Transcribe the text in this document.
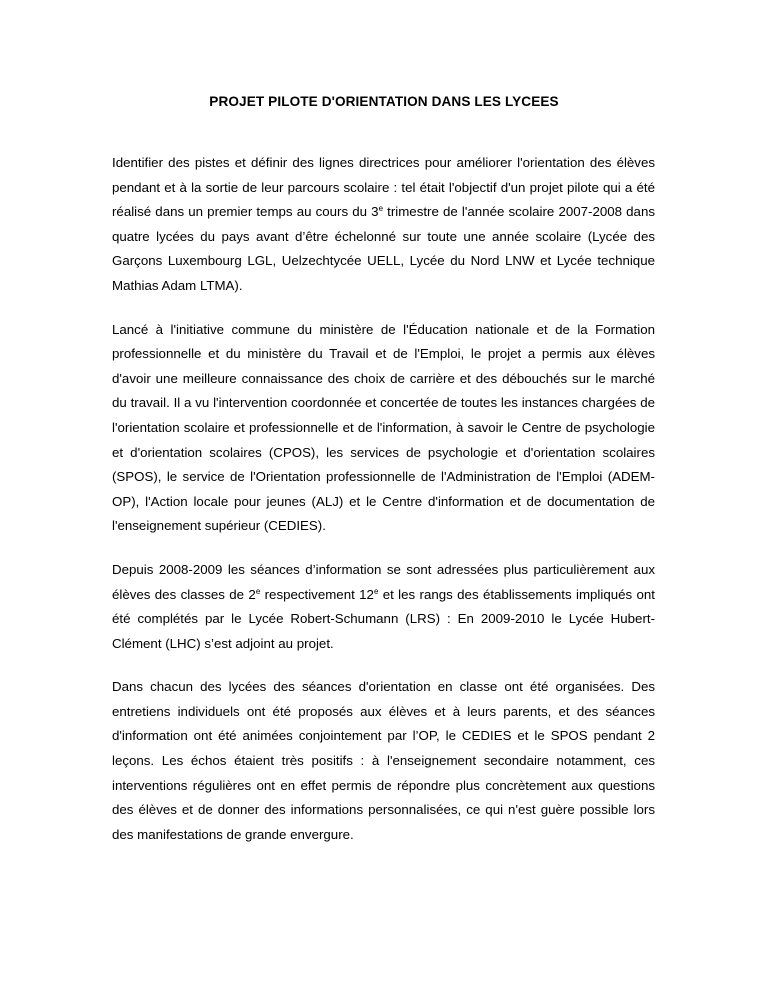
PROJET PILOTE D'ORIENTATION DANS LES LYCEES

Identifier des pistes et définir des lignes directrices pour améliorer l'orientation des élèves pendant et à la sortie de leur parcours scolaire : tel était l'objectif d'un projet pilote qui a été réalisé dans un premier temps au cours du 3e trimestre de l'année scolaire 2007-2008 dans quatre lycées du pays avant d’être échelonné sur toute une année scolaire (Lycée des Garçons Luxembourg LGL, Uelzechtycée UELL, Lycée du Nord LNW et Lycée technique Mathias Adam LTMA).

Lancé à l'initiative commune du ministère de l'Éducation nationale et de la Formation professionnelle et du ministère du Travail et de l'Emploi, le projet a permis aux élèves d'avoir une meilleure connaissance des choix de carrière et des débouchés sur le marché du travail. Il a vu l'intervention coordonnée et concertée de toutes les instances chargées de l'orientation scolaire et professionnelle et de l'information, à savoir le Centre de psychologie et d'orientation scolaires (CPOS), les services de psychologie et d'orientation scolaires (SPOS), le service de l'Orientation professionnelle de l'Administration de l'Emploi (ADEM-OP), l'Action locale pour jeunes (ALJ) et le Centre d'information et de documentation de l'enseignement supérieur (CEDIES).

Depuis 2008-2009 les séances d’information se sont adressées plus particulièrement aux élèves des classes de 2e respectivement 12e et les rangs des établissements impliqués ont été complétés par le Lycée Robert-Schumann (LRS) : En 2009-2010 le Lycée Hubert-Clément (LHC) s’est adjoint au projet.

Dans chacun des lycées des séances d'orientation en classe ont été organisées. Des entretiens individuels ont été proposés aux élèves et à leurs parents, et des séances d'information ont été animées conjointement par l’OP, le CEDIES et le SPOS pendant 2 leçons. Les échos étaient très positifs : à l'enseignement secondaire notamment, ces interventions régulières ont en effet permis de répondre plus concrètement aux questions des élèves et de donner des informations personnalisées, ce qui n'est guère possible lors des manifestations de grande envergure.
